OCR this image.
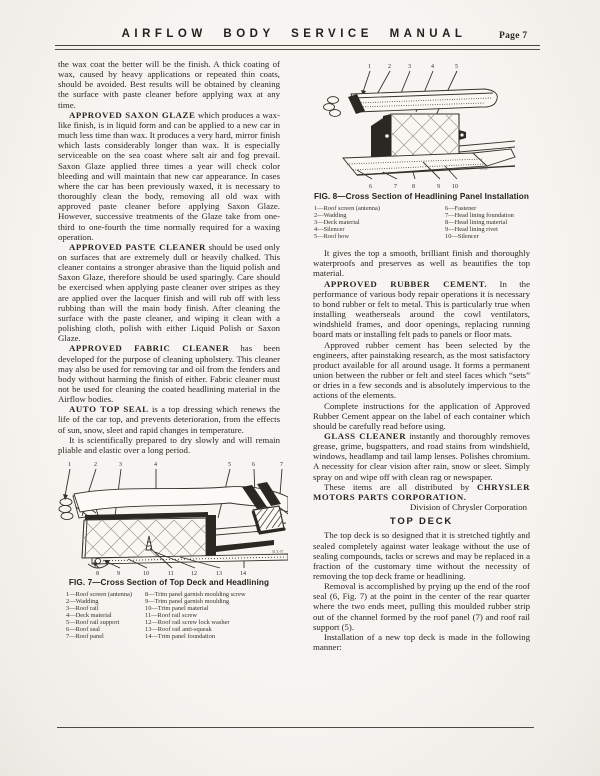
AIRFLOW BODY SERVICE MANUAL	Page 7

the wax coat the better will be the finish. A thick coating of wax, caused by heavy applications or repeated thin coats, should be avoided. Best results will be obtained by cleaning the surface with paste cleaner before applying wax at any time.

APPROVED SAXON GLAZE which produces a wax-like finish, is in liquid form and can be applied to a new car in much less time than wax. It produces a very hard, mirror finish which lasts considerably longer than wax. It is especially serviceable on the sea coast where salt air and fog prevail. Saxon Glaze applied three times a year will check color bleeding and will maintain that new car appearance. In cases where the car has been previously waxed, it is necessary to thoroughly clean the body, removing all old wax with approved paste cleaner before applying Saxon Glaze. However, successive treatments of the Glaze take from one-third to one-fourth the time normally required for a waxing operation.

APPROVED PASTE CLEANER should be used only on surfaces that are extremely dull or heavily chalked. This cleaner contains a stronger abrasive than the liquid polish and Saxon Glaze, therefore should be used sparingly. Care should be exercised when applying paste cleaner over stripes as they are applied over the lacquer finish and will rub off with less rubbing than will the main body finish. After cleaning the surface with the paste cleaner, and wiping it clean with a polishing cloth, polish with either Liquid Polish or Saxon Glaze.

APPROVED FABRIC CLEANER has been developed for the purpose of cleaning upholstery. This cleaner may also be used for removing tar and oil from the fenders and body without harming the finish of either. Fabric cleaner must not be used for cleaning the coated headlining material in the Airflow bodies.

AUTO TOP SEAL is a top dressing which renews the life of the car top, and prevents deterioration, from the effects of sun, snow, sleet and rapid changes in temperature.

It is scientifically prepared to dry slowly and will remain pliable and elastic over a long period.

1	2	3	4	5	6	7
8	9	10	11	12	13	14
M X-97
FIG. 7—Cross Section of Top Deck and Headlining
1—Roof screen (antenna)
2—Wadding
3—Roof rail
4—Deck material
5—Roof rail support
6—Roof seal
7—Roof panel
8—Trim panel garnish moulding screw
9—Trim panel garnish moulding
10—Trim panel material
11—Roof rail screw
12—Roof rail screw lock washer
13—Roof rail anti-squeak
14—Trim panel foundation
1	2	3	4	5
6	7	8	9 10
90-88
FIG. 8—Cross Section of Headlining Panel Installation
1—Roof screen (antenna)
2—Wadding
3—Deck material
4—Silencer
5—Roof bow
6—Fastener
7—Head lining foundation
8—Head lining material
9—Head lining rivet
10—Silencer

It gives the top a smooth, brilliant finish and thoroughly waterproofs and preserves as well as beautifies the top material.

APPROVED RUBBER CEMENT. In the performance of various body repair operations it is necessary to bond rubber or felt to metal. This is particularly true when installing weatherseals around the cowl ventilators, windshield frames, and door openings, replacing running board mats or installing felt pads to panels or floor mats.

Approved rubber cement has been selected by the engineers, after painstaking research, as the most satisfactory product available for all around usage. It forms a permanent union between the rubber or felt and steel faces which “sets” or dries in a few seconds and is absolutely impervious to the actions of the elements.

Complete instructions for the application of Approved Rubber Cement appear on the label of each container which should be carefully read before using.

GLASS CLEANER instantly and thoroughly removes grease, grime, bugspatters, and road stains from windshield, windows, headlamp and tail lamp lenses. Polishes chromium. A necessity for clear vision after rain, snow or sleet. Simply spray on and wipe off with clean rag or newspaper.

These items are all distributed by CHRYSLER MOTORS PARTS CORPORATION.

Division of Chrysler Corporation

TOP DECK

The top deck is so designed that it is stretched tightly and sealed completely against water leakage without the use of sealing compounds, tacks or screws and may be replaced in a fraction of the customary time without the necessity of removing the top deck frame or headlining.

Removal is accomplished by prying up the end of the roof seal (6, Fig. 7) at the point in the center of the rear quarter where the two ends meet, pulling this moulded rubber strip out of the channel formed by the roof panel (7) and roof rail support (5).

Installation of a new top deck is made in the following manner:
